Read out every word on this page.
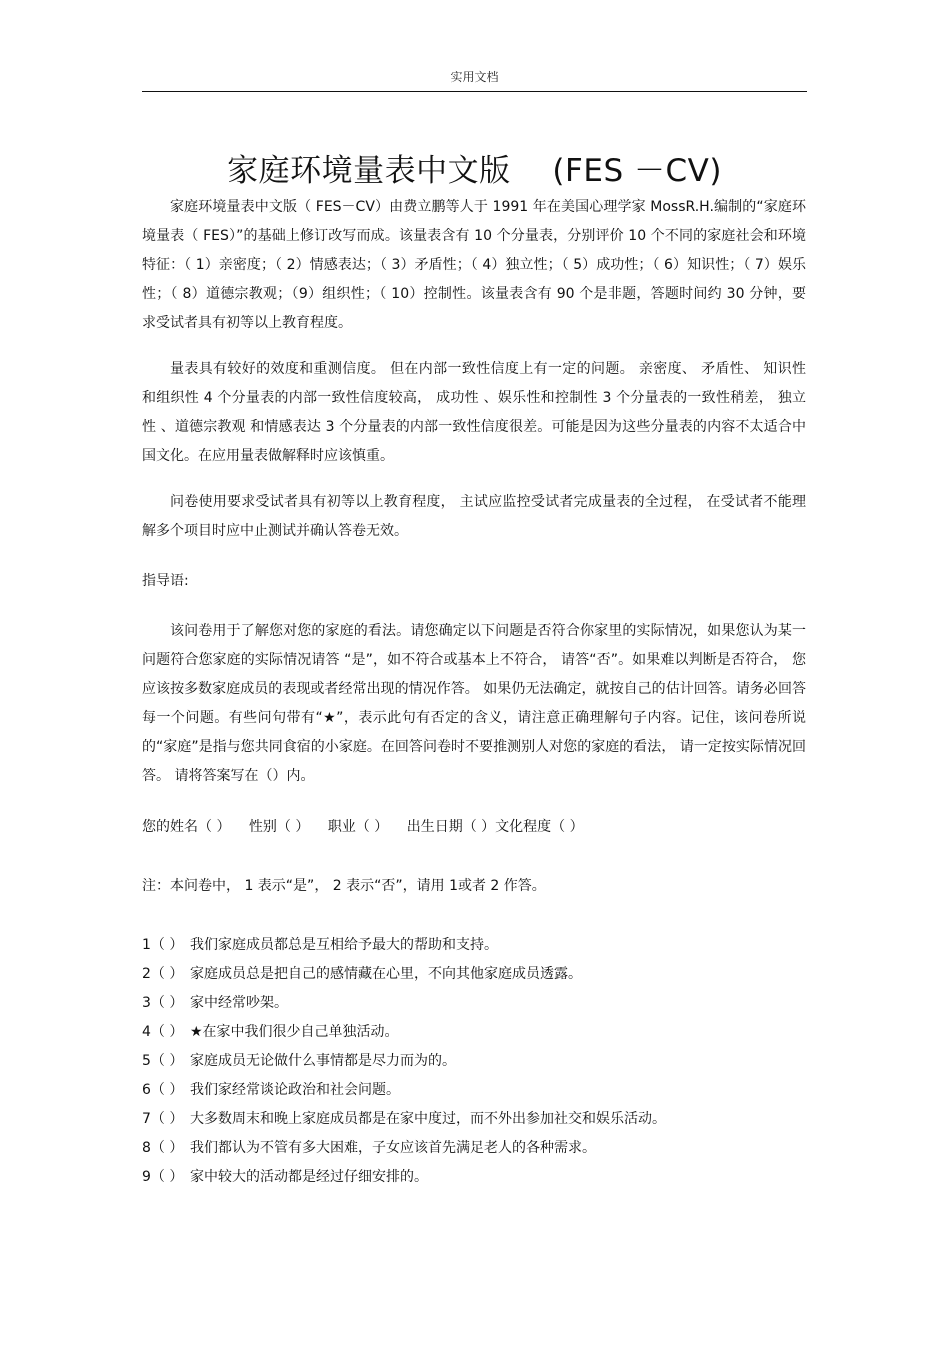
实用文档
家庭环境量表中文版　 (FES －CV)

家庭环境量表中文版（ FES－CV）由费立鹏等人于 1991 年在美国心理学家 MossR.H.编制的“家庭环境量表（ FES）”的基础上修订改写而成。该量表含有 10 个分量表，分别评价 10 个不同的家庭社会和环境特征：（ 1）亲密度；（ 2）情感表达；（ 3）矛盾性；（ 4）独立性；（ 5）成功性；（ 6）知识性；（ 7）娱乐性；（ 8）道德宗教观；（9）组织性；（ 10）控制性。该量表含有 90 个是非题，答题时间约 30 分钟，要求受试者具有初等以上教育程度。

量表具有较好的效度和重测信度。 但在内部一致性信度上有一定的问题。 亲密度、 矛盾性、 知识性 和组织性 4 个分量表的内部一致性信度较高， 成功性 、娱乐性和控制性 3 个分量表的一致性稍差， 独立性 、道德宗教观 和情感表达 3 个分量表的内部一致性信度很差。可能是因为这些分量表的内容不太适合中国文化。在应用量表做解释时应该慎重。

问卷使用要求受试者具有初等以上教育程度， 主试应监控受试者完成量表的全过程， 在受试者不能理解多个项目时应中止测试并确认答卷无效。

指导语:

该问卷用于了解您对您的家庭的看法。请您确定以下问题是否符合你家里的实际情况，如果您认为某一问题符合您家庭的实际情况请答 “是”，如不符合或基本上不符合， 请答“否”。如果难以判断是否符合， 您应该按多数家庭成员的表现或者经常出现的情况作答。 如果仍无法确定，就按自己的估计回答。请务必回答每一个问题。有些问句带有“★”，表示此句有否定的含义，请注意正确理解句子内容。记住，该问卷所说的“家庭”是指与您共同食宿的小家庭。在回答问卷时不要推测别人对您的家庭的看法， 请一定按实际情况回答。 请将答案写在（）内。

您的姓名（ ） 性别（ ） 职业（ ） 出生日期（ ）文化程度（ ）

注：本问卷中， 1 表示“是”， 2 表示“否”，请用 1或者 2 作答。

1（ ） 我们家庭成员都总是互相给予最大的帮助和支持。
2（ ） 家庭成员总是把自己的感情藏在心里，不向其他家庭成员透露。
3（ ） 家中经常吵架。
4（ ） ★在家中我们很少自己单独活动。
5（ ） 家庭成员无论做什么事情都是尽力而为的。
6（ ） 我们家经常谈论政治和社会问题。
7（ ） 大多数周末和晚上家庭成员都是在家中度过，而不外出参加社交和娱乐活动。
8（ ） 我们都认为不管有多大困难，子女应该首先满足老人的各种需求。
9（ ） 家中较大的活动都是经过仔细安排的。
